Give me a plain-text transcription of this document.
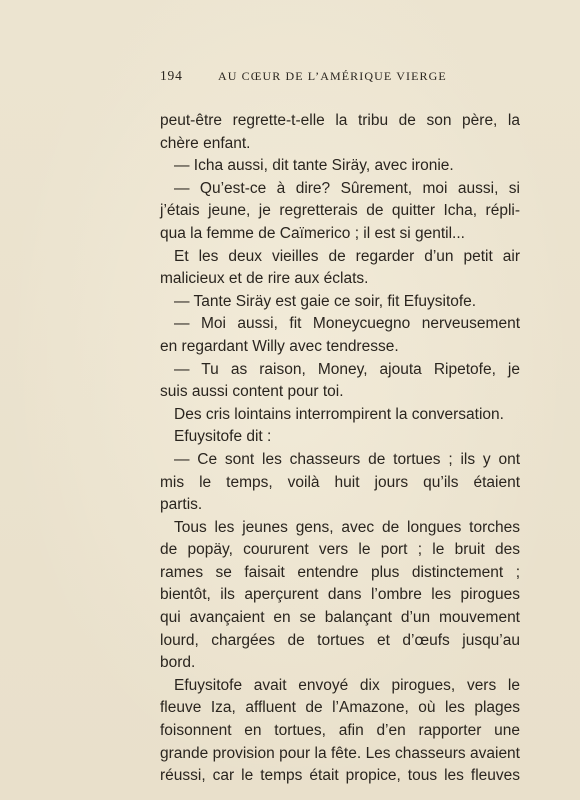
194	AU CŒUR DE L’AMÉRIQUE VIERGE
peut-être regrette-t-elle la tribu de son père, la
chère enfant.
— Icha aussi, dit tante Siräy, avec ironie.
— Qu’est-ce à dire? Sûrement, moi aussi, si
j’étais jeune, je regretterais de quitter Icha, répli-
qua la femme de Caïmerico ; il est si gentil...
Et les deux vieilles de regarder d’un petit air
malicieux et de rire aux éclats.
— Tante Siräy est gaie ce soir, fit Efuysitofe.
— Moi aussi, fit Moneycuegno nerveusement
en regardant Willy avec tendresse.
— Tu as raison, Money, ajouta Ripetofe, je
suis aussi content pour toi.
Des cris lointains interrompirent la conversation.
Efuysitofe dit :
— Ce sont les chasseurs de tortues ; ils y ont
mis le temps, voilà huit jours qu’ils étaient
partis.
Tous les jeunes gens, avec de longues torches
de popäy, coururent vers le port ; le bruit des
rames se faisait entendre plus distinctement ;
bientôt, ils aperçurent dans l’ombre les pirogues
qui avançaient en se balançant d’un mouvement
lourd, chargées de tortues et d’œufs jusqu’au
bord.
Efuysitofe avait envoyé dix pirogues, vers le
fleuve Iza, affluent de l’Amazone, où les plages
foisonnent en tortues, afin d’en rapporter une
grande provision pour la fête. Les chasseurs avaient
réussi, car le temps était propice, tous les fleuves
